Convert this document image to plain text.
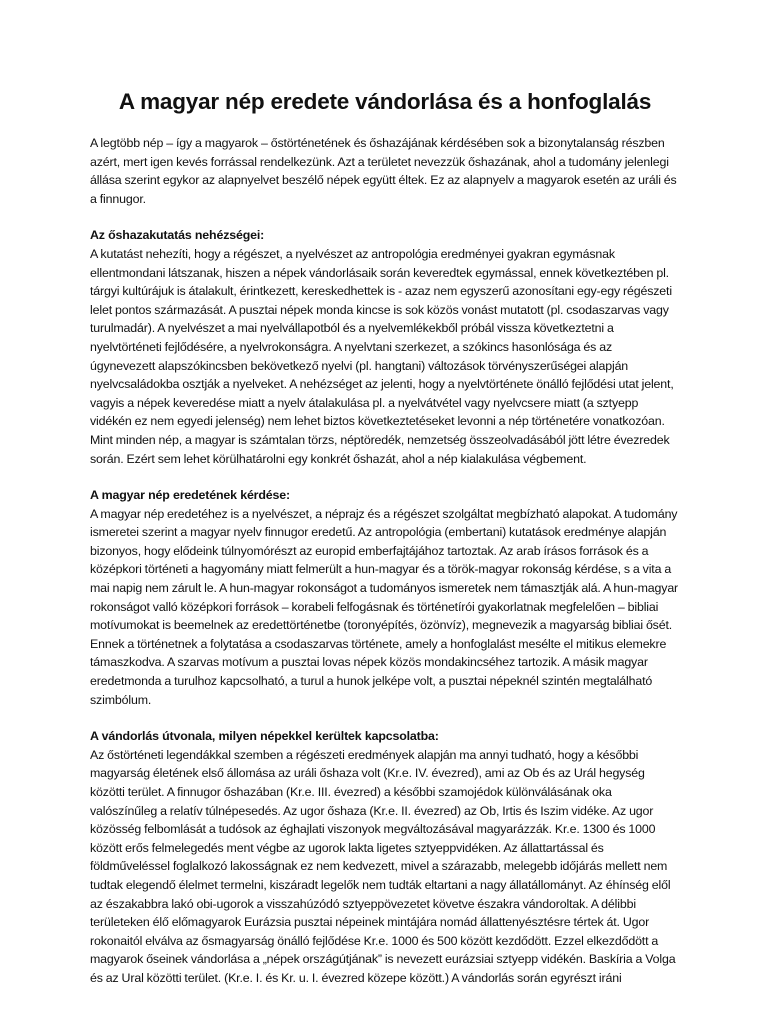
A magyar nép eredete vándorlása és a honfoglalás

A legtöbb nép – így a magyarok – őstörténetének és őshazájának kérdésében sok a bizonytalanság részben azért, mert igen kevés forrással rendelkezünk. Azt a területet nevezzük őshazának, ahol a tudomány jelenlegi állása szerint egykor az alapnyelvet beszélő népek együtt éltek. Ez az alapnyelv a magyarok esetén az uráli és a finnugor.

Az őshazakutatás nehézségei:

A kutatást nehezíti, hogy a régészet, a nyelvészet az antropológia eredményei gyakran egymásnak ellentmondani látszanak, hiszen a népek vándorlásaik során keveredtek egymással, ennek következtében pl. tárgyi kultúrájuk is átalakult, érintkezett, kereskedhettek is - azaz nem egyszerű azonosítani egy-egy régészeti lelet pontos származását. A pusztai népek monda kincse is sok közös vonást mutatott (pl. csodaszarvas vagy turulmadár). A nyelvészet a mai nyelvállapotból és a nyelvemlékekből próbál vissza következtetni a nyelvtörténeti fejlődésére, a nyelvrokonságra. A nyelvtani szerkezet, a szókincs hasonlósága és az úgynevezett alapszókincsben bekövetkező nyelvi (pl. hangtani) változások törvényszerűségei alapján nyelvcsaládokba osztják a nyelveket. A nehézséget az jelenti, hogy a nyelvtörténete önálló fejlődési utat jelent, vagyis a népek keveredése miatt a nyelv átalakulása pl. a nyelvátvétel vagy nyelvcsere miatt (a sztyepp vidékén ez nem egyedi jelenség) nem lehet biztos következtetéseket levonni a nép történetére vonatkozóan. Mint minden nép, a magyar is számtalan törzs, néptöredék, nemzetség összeolvadásából jött létre évezredek során. Ezért sem lehet körülhatárolni egy konkrét őshazát, ahol a nép kialakulása végbement.

A magyar nép eredetének kérdése:

A magyar nép eredetéhez is a nyelvészet, a néprajz és a régészet szolgáltat megbízható alapokat. A tudomány ismeretei szerint a magyar nyelv finnugor eredetű. Az antropológia (embertani) kutatások eredménye alapján bizonyos, hogy elődeink túlnyomórészt az europid emberfajtájához tartoztak. Az arab írásos források és a középkori történeti a hagyomány miatt felmerült a hun-magyar és a török-magyar rokonság kérdése, s a vita a mai napig nem zárult le. A hun-magyar rokonságot a tudományos ismeretek nem támasztják alá. A hun-magyar rokonságot valló középkori források – korabeli felfogásnak és történetírói gyakorlatnak megfelelően – bibliai motívumokat is beemelnek az eredettörténetbe (toronyépítés, özönvíz), megnevezik a magyarság bibliai ősét. Ennek a történetnek a folytatása a csodaszarvas története, amely a honfoglalást mesélte el mitikus elemekre támaszkodva. A szarvas motívum a pusztai lovas népek közös mondakincséhez tartozik. A másik magyar eredetmonda a turulhoz kapcsolható, a turul a hunok jelképe volt, a pusztai népeknél szintén megtalálható szimbólum.

A vándorlás útvonala, milyen népekkel kerültek kapcsolatba:

Az őstörténeti legendákkal szemben a régészeti eredmények alapján ma annyi tudható, hogy a későbbi magyarság életének első állomása az uráli őshaza volt (Kr.e. IV. évezred), ami az Ob és az Urál hegység közötti terület. A finnugor őshazában (Kr.e. III. évezred) a későbbi szamojédok különválásának oka valószínűleg a relatív túlnépesedés. Az ugor őshaza (Kr.e. II. évezred) az Ob, Irtis és Iszim vidéke. Az ugor közösség felbomlását a tudósok az éghajlati viszonyok megváltozásával magyarázzák. Kr.e. 1300 és 1000 között erős felmelegedés ment végbe az ugorok lakta ligetes sztyeppvidéken. Az állattartással és földműveléssel foglalkozó lakosságnak ez nem kedvezett, mivel a szárazabb, melegebb időjárás mellett nem tudtak elegendő élelmet termelni, kiszáradt legelők nem tudták eltartani a nagy állatállományt. Az éhínség elől az északabbra lakó obi-ugorok a visszahúzódó sztyeppövezetet követve északra vándoroltak. A délibbi területeken élő előmagyarok Eurázsia pusztai népeinek mintájára nomád állattenyésztésre tértek át. Ugor rokonaitól elválva az ősmagyarság önálló fejlődése Kr.e. 1000 és 500 között kezdődött. Ezzel elkezdődött a magyarok őseinek vándorlása a „népek országútjának” is nevezett eurázsiai sztyepp vidékén. Baskíria a Volga és az Ural közötti terület. (Kr.e. I. és Kr. u. I. évezred közepe között.) A vándorlás során egyrészt iráni
